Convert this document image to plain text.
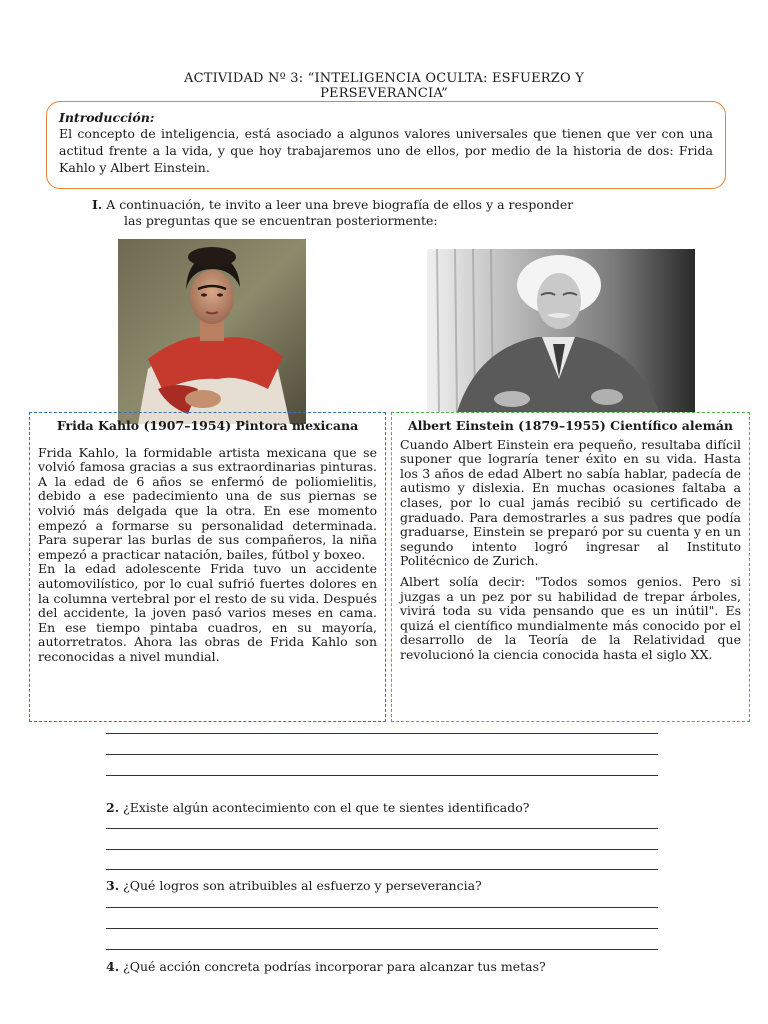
ACTIVIDAD Nº 3: “INTELIGENCIA OCULTA: ESFUERZO Y
PERSEVERANCIA”
Introducción:
El concepto de inteligencia, está asociado a algunos valores universales que tienen que ver con una actitud frente a la vida, y que hoy trabajaremos uno de ellos, por medio de la historia de dos: Frida Kahlo y Albert Einstein.
I. A continuación, te invito a leer una breve biografía de ellos y a responder
las preguntas que se encuentran posteriormente:
Frida Kahlo (1907–1954) Pintora mexicana

Frida Kahlo, la formidable artista mexicana que se volvió famosa gracias a sus extraordinarias pinturas. A la edad de 6 años se enfermó de poliomielitis, debido a ese padecimiento una de sus piernas se volvió más delgada que la otra. En ese momento empezó a formarse su personalidad determinada. Para superar las burlas de sus compañeros, la niña empezó a practicar natación, bailes, fútbol y boxeo.

En la edad adolescente Frida tuvo un accidente automovilístico, por lo cual sufrió fuertes dolores en la columna vertebral por el resto de su vida. Después del accidente, la joven pasó varios meses en cama. En ese tiempo pintaba cuadros, en su mayoría, autorretratos. Ahora las obras de Frida Kahlo son reconocidas a nivel mundial.

Albert Einstein (1879–1955) Científico alemán

Cuando Albert Einstein era pequeño, resultaba difícil suponer que lograría tener éxito en su vida. Hasta los 3 años de edad Albert no sabía hablar, padecía de autismo y dislexia. En muchas ocasiones faltaba a clases, por lo cual jamás recibió su certificado de graduado. Para demostrarles a sus padres que podía graduarse, Einstein se preparó por su cuenta y en un segundo intento logró ingresar al Instituto Politécnico de Zurich.

Albert solía decir: "Todos somos genios. Pero si juzgas a un pez por su habilidad de trepar árboles, vivirá toda su vida pensando que es un inútil". Es quizá el científico mundialmente más conocido por el desarrollo de la Teoría de la Relatividad que revolucionó la ciencia conocida hasta el siglo XX.

2. ¿Existe algún acontecimiento con el que te sientes identificado?
3. ¿Qué logros son atribuibles al esfuerzo y perseverancia?
4. ¿Qué acción concreta podrías incorporar para alcanzar tus metas?
